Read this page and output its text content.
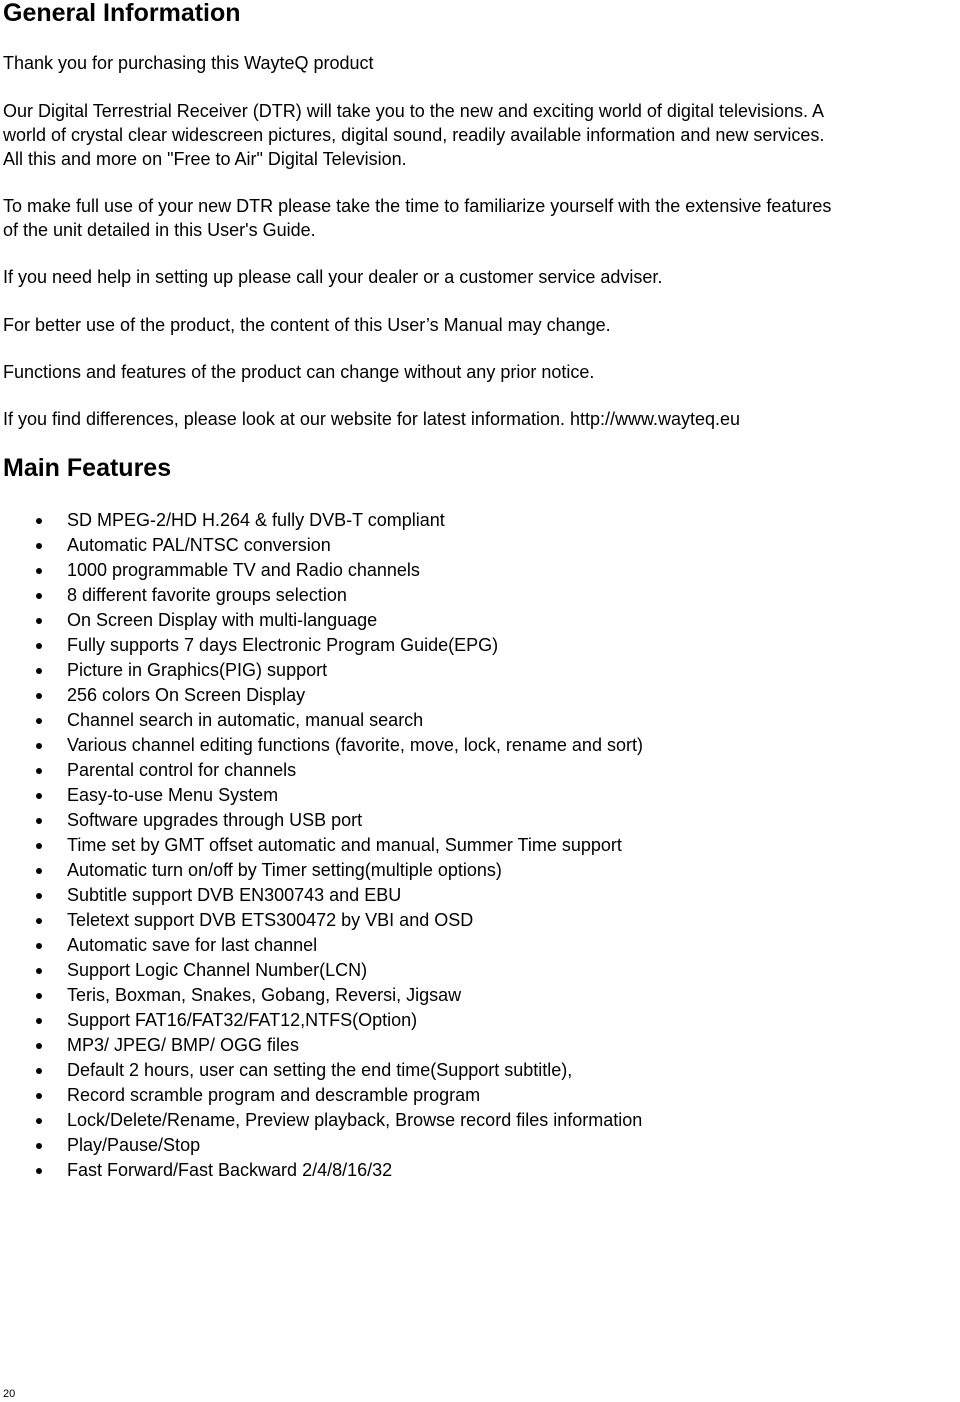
General Information

Thank you for purchasing this WayteQ product

Our Digital Terrestrial Receiver (DTR) will take you to the new and exciting world of digital televisions. A

world of crystal clear widescreen pictures, digital sound, readily available information and new services.

All this and more on "Free to Air" Digital Television.

To make full use of your new DTR please take the time to familiarize yourself with the extensive features

of the unit detailed in this User's Guide.

If you need help in setting up please call your dealer or a customer service adviser.

For better use of the product, the content of this User’s Manual may change.

Functions and features of the product can change without any prior notice.

If you find differences, please look at our website for latest information. http://www.wayteq.eu

Main Features
SD MPEG-2/HD H.264 & fully DVB-T compliant
Automatic PAL/NTSC conversion
1000 programmable TV and Radio channels
8 different favorite groups selection
On Screen Display with multi-language
Fully supports 7 days Electronic Program Guide(EPG)
Picture in Graphics(PIG) support
256 colors On Screen Display
Channel search in automatic, manual search
Various channel editing functions (favorite, move, lock, rename and sort)
Parental control for channels
Easy-to-use Menu System
Software upgrades through USB port
Time set by GMT offset automatic and manual, Summer Time support
Automatic turn on/off by Timer setting(multiple options)
Subtitle support DVB EN300743 and EBU
Teletext support DVB ETS300472 by VBI and OSD
Automatic save for last channel
Support Logic Channel Number(LCN)
Teris, Boxman, Snakes, Gobang, Reversi, Jigsaw
Support FAT16/FAT32/FAT12,NTFS(Option)
MP3/ JPEG/ BMP/ OGG files
Default 2 hours, user can setting the end time(Support subtitle),
Record scramble program and descramble program
Lock/Delete/Rename, Preview playback, Browse record files information
Play/Pause/Stop
Fast Forward/Fast Backward 2/4/8/16/32
20
